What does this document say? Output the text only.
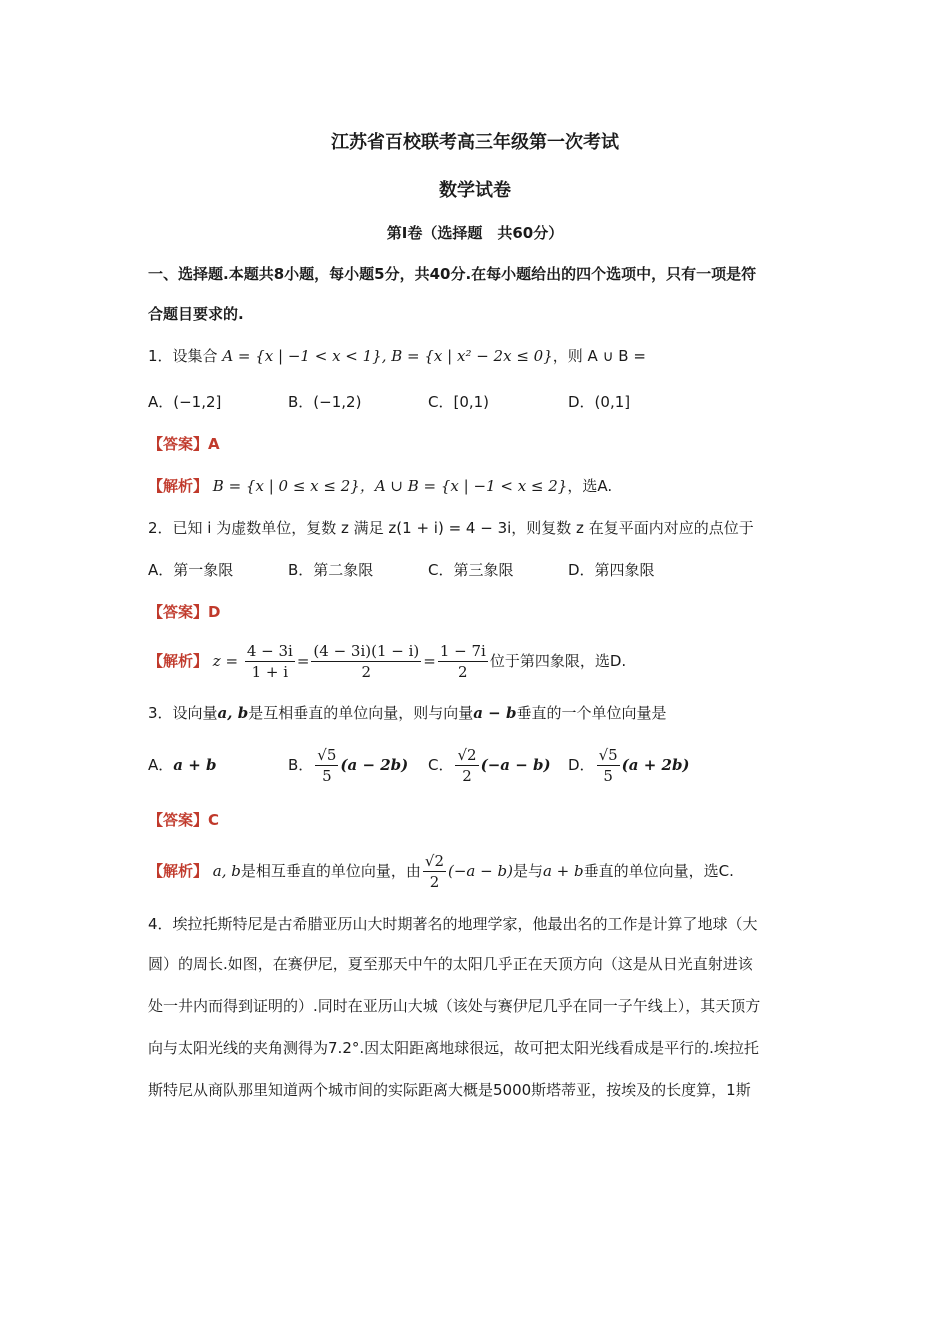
江苏省百校联考高三年级第一次考试
数学试卷
第Ⅰ卷（选择题　共60分）
一、选择题.本题共8小题，每小题5分，共40分.在每小题给出的四个选项中，只有一项是符
合题目要求的.
1．设集合 A = {x | −1 < x < 1}, B = {x | x² − 2x ≤ 0}，则 A ∪ B =
A．(−1,2]	B．(−1,2)	C．[0,1)	D．(0,1]
【答案】A
【解析】 B = {x | 0 ≤ x ≤ 2}，A ∪ B = {x | −1 < x ≤ 2}，选A.
2．已知 i 为虚数单位，复数 z 满足 z(1 + i) = 4 − 3i，则复数 z 在复平面内对应的点位于
A．第一象限	B．第二象限	C．第三象限	D．第四象限
【答案】D
【解析】 $z = \frac{4 - 3i}{1 + i} = \frac{(4 - 3i)(1 - i)}{2} = \frac{1 - 7i}{2}$ 位于第四象限，选D.
3．设向量a, b是互相垂直的单位向量，则与向量a − b垂直的一个单位向量是
A．a + b	B． $\frac{√5}{5} (a - 2b)$ C． $\frac{√2}{2} (-a - b)$ D． $\frac{√5}{5} (a + 2b)$
【答案】C
【解析】 a, b是相互垂直的单位向量，由 $\frac{√2}{2} (-a - b)$是与a + b垂直的单位向量，选C.
4．埃拉托斯特尼是古希腊亚历山大时期著名的地理学家，他最出名的工作是计算了地球（大
圆）的周长.如图，在赛伊尼，夏至那天中午的太阳几乎正在天顶方向（这是从日光直射进该
处一井内而得到证明的）.同时在亚历山大城（该处与赛伊尼几乎在同一子午线上），其天顶方
向与太阳光线的夹角测得为7.2°.因太阳距离地球很远，故可把太阳光线看成是平行的.埃拉托
斯特尼从商队那里知道两个城市间的实际距离大概是5000斯塔蒂亚，按埃及的长度算，1斯
